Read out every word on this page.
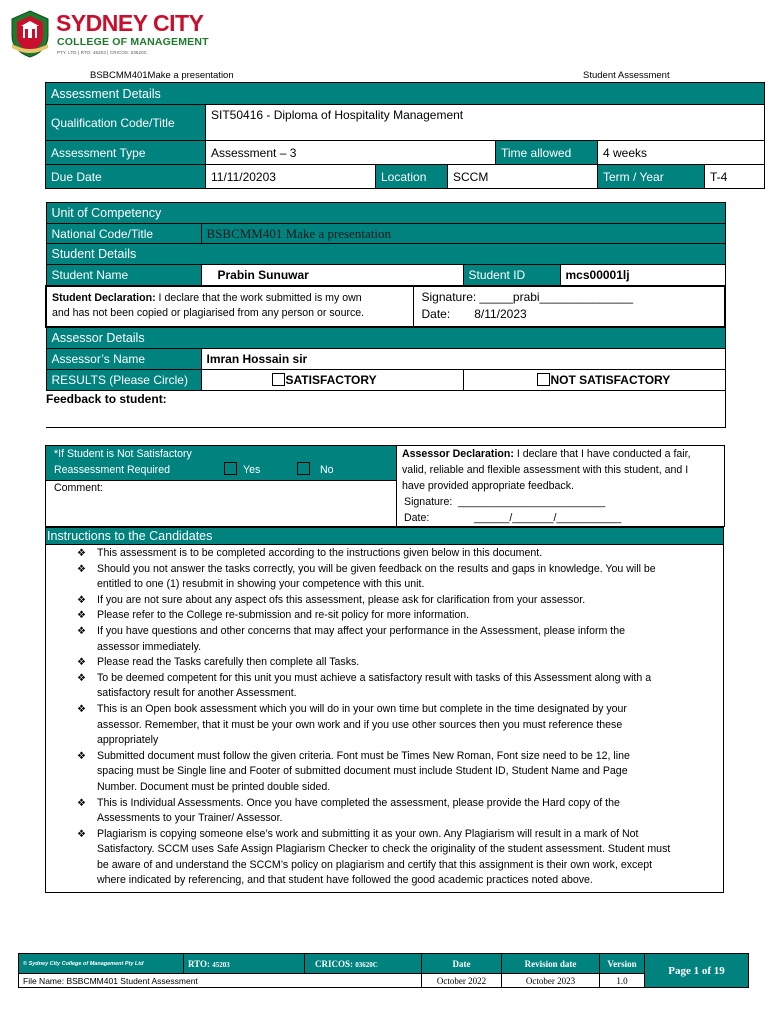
SYDNEY CITY
COLLEGE OF MANAGEMENT
PTY. LTD | RTO: 45203 | CRICOS: 03620C
BSBCMM401Make a presentation	Student Assessment
Assessment Details						
Qualification Code/Title	SIT50416 - Diploma of Hospitality Management					
Assessment Type	Assessment – 3			Time allowed	4 weeks	
Due Date	11/11/20203	Location	SCCM		Term / Year	T-4
Unit of Competency				
National Code/Title	BSBCMM401 Make a presentation			
Student Details				
Student Name	Prabin Sunuwar		Student ID	mcs00001lj
Student Declaration: I declare that the work submitted is my own
and has not been copied or plagiarised from any person or source.		Signature: _____prabi______________
Date: 8/11/2023		
Assessor Details				
Assessor’s Name	Imran Hossain sir			
RESULTS (Please Circle)	SATISFACTORY		NOT SATISFACTORY	
Feedback to student:				
*If Student is Not Satisfactory
Reassessment Required	Yes	No	Assessor Declaration: I declare that I have conducted a fair,
valid, reliable and flexible assessment with this student, and I
have provided appropriate feedback.
Signature: _________________________
Date:	______/_______/___________
Comment:
Instructions to the Candidates
❖ This assessment is to be completed according to the instructions given below in this document.
❖ Should you not answer the tasks correctly, you will be given feedback on the results and gaps in knowledge. You will be
entitled to one (1) resubmit in showing your competence with this unit.
❖ If you are not sure about any aspect ofs this assessment, please ask for clarification from your assessor.
❖ Please refer to the College re-submission and re-sit policy for more information.
❖ If you have questions and other concerns that may affect your performance in the Assessment, please inform the
assessor immediately.
❖ Please read the Tasks carefully then complete all Tasks.
❖ To be deemed competent for this unit you must achieve a satisfactory result with tasks of this Assessment along with a
satisfactory result for another Assessment.
❖ This is an Open book assessment which you will do in your own time but complete in the time designated by your
assessor. Remember, that it must be your own work and if you use other sources then you must reference these
appropriately
❖ Submitted document must follow the given criteria. Font must be Times New Roman, Font size need to be 12, line
spacing must be Single line and Footer of submitted document must include Student ID, Student Name and Page
Number. Document must be printed double sided.
❖ This is Individual Assessments. Once you have completed the assessment, please provide the Hard copy of the
Assessments to your Trainer/ Assessor.
❖ Plagiarism is copying someone else’s work and submitting it as your own. Any Plagiarism will result in a mark of Not
Satisfactory. SCCM uses Safe Assign Plagiarism Checker to check the originality of the student assessment. Student must
be aware of and understand the SCCM’s policy on plagiarism and certify that this assignment is their own work, except
where indicated by referencing, and that student have followed the good academic practices noted above.
© Sydney City College of Management Pty Ltd	RTO: 45203	CRICOS: 03620C	Date	Revision date	Version	Page 1 of 19
File Name: BSBCMM401 Student Assessment			October 2022	October 2023	1.0	
